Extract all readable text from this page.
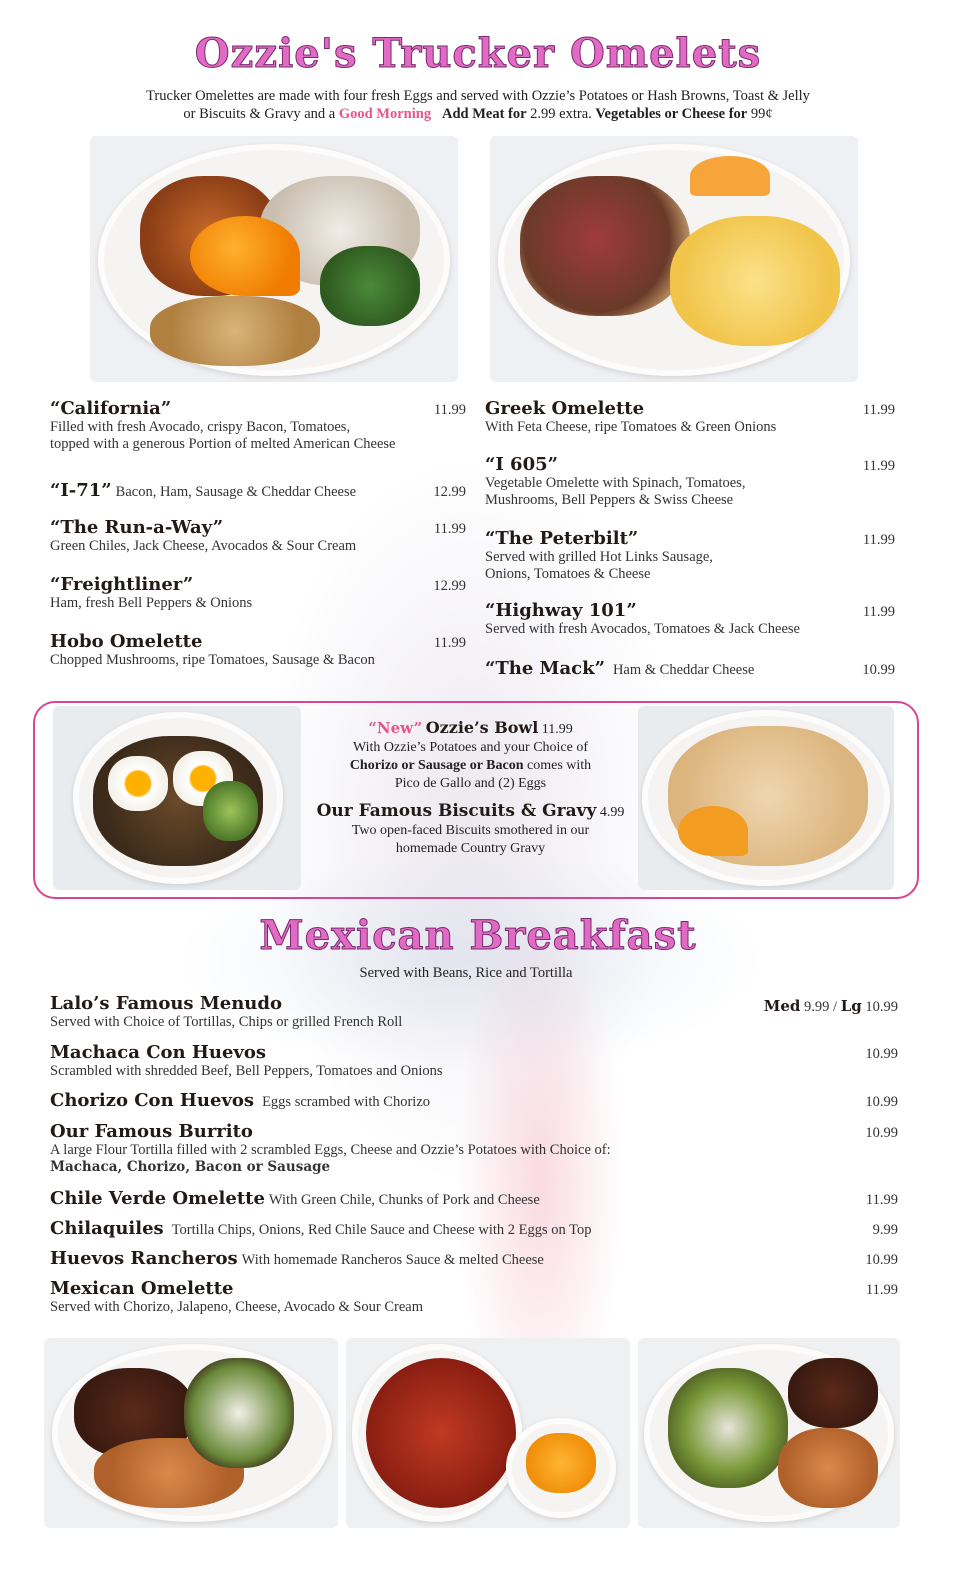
Ozzie's Trucker Omelets
Trucker Omelettes are made with four fresh Eggs and served with Ozzie’s Potatoes or Hash Browns, Toast & Jelly
or Biscuits & Gravy and a Good Morning Add Meat for 2.99 extra. Vegetables or Cheese for 99¢
“California”	11.99
Filled with fresh Avocado, crispy Bacon, Tomatoes,
topped with a generous Portion of melted American Cheese
“I-71” Bacon, Ham, Sausage & Cheddar Cheese	12.99
“The Run-a-Way”	11.99
Green Chiles, Jack Cheese, Avocados & Sour Cream
“Freightliner”	12.99
Ham, fresh Bell Peppers & Onions
Hobo Omelette	11.99
Chopped Mushrooms, ripe Tomatoes, Sausage & Bacon
Greek Omelette	11.99
With Feta Cheese, ripe Tomatoes & Green Onions
“I 605”	11.99
Vegetable Omelette with Spinach, Tomatoes,
Mushrooms, Bell Peppers & Swiss Cheese
“The Peterbilt”	11.99
Served with grilled Hot Links Sausage,
Onions, Tomatoes & Cheese
“Highway 101”	11.99
Served with fresh Avocados, Tomatoes & Jack Cheese
“The Mack” Ham & Cheddar Cheese	10.99
“New” Ozzie’s Bowl 11.99
With Ozzie’s Potatoes and your Choice of
Chorizo or Sausage or Bacon comes with
Pico de Gallo and (2) Eggs
Our Famous Biscuits & Gravy 4.99
Two open-faced Biscuits smothered in our
homemade Country Gravy
Mexican Breakfast
Served with Beans, Rice and Tortilla
Lalo’s Famous Menudo	Med 9.99 / Lg 10.99
Served with Choice of Tortillas, Chips or grilled French Roll
Machaca Con Huevos	10.99
Scrambled with shredded Beef, Bell Peppers, Tomatoes and Onions
Chorizo Con Huevos Eggs scrambed with Chorizo	10.99
Our Famous Burrito	10.99
A large Flour Tortilla filled with 2 scrambled Eggs, Cheese and Ozzie’s Potatoes with Choice of:
Machaca, Chorizo, Bacon or Sausage
Chile Verde Omelette With Green Chile, Chunks of Pork and Cheese	11.99
Chilaquiles Tortilla Chips, Onions, Red Chile Sauce and Cheese with 2 Eggs on Top	9.99
Huevos Rancheros With homemade Rancheros Sauce & melted Cheese	10.99
Mexican Omelette	11.99
Served with Chorizo, Jalapeno, Cheese, Avocado & Sour Cream
